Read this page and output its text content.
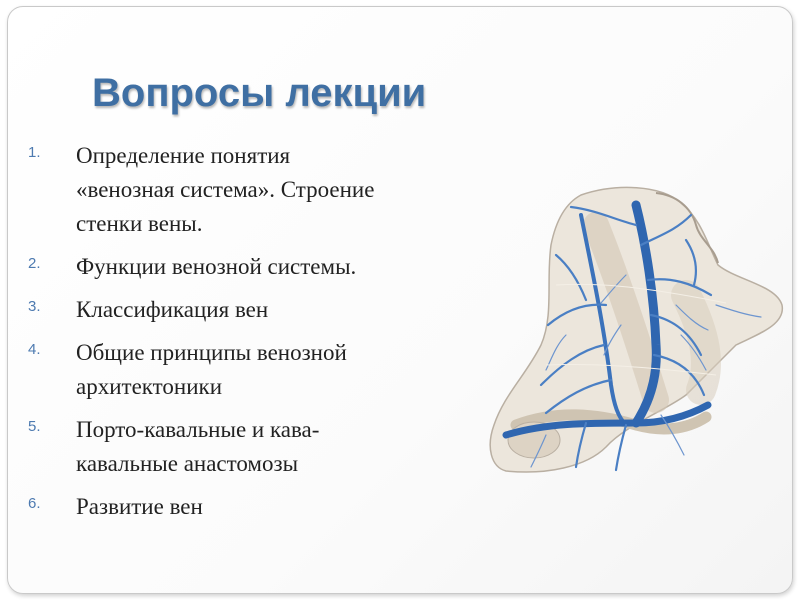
Вопросы лекции
1.	Определение понятия
«венозная система». Строение
стенки вены.
2.	Функции венозной системы.
3.	Классификация вен
4.	Общие принципы венозной
архитектоники
5.	Порто-кавальные и кава-
кавальные анастомозы
6.	Развитие вен
